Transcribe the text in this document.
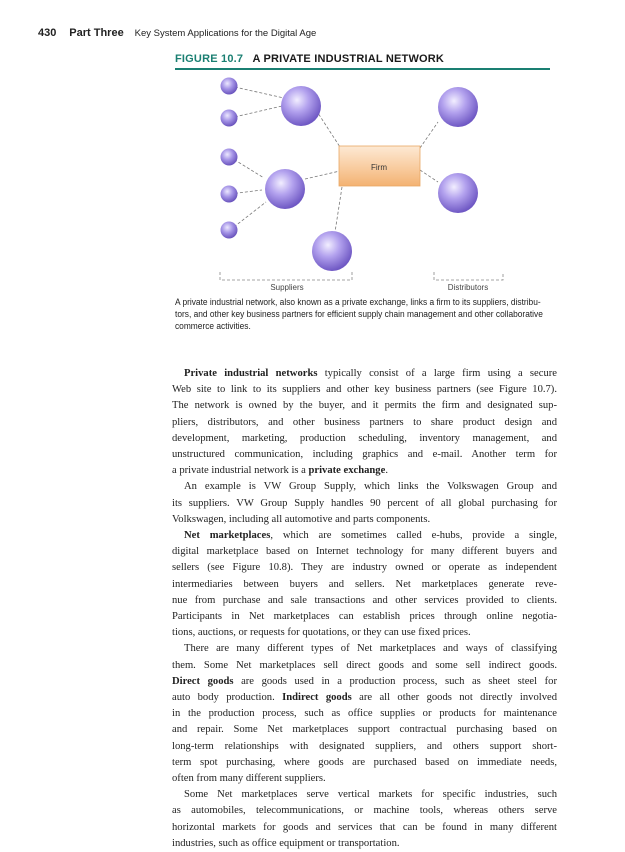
430 Part Three Key System Applications for the Digital Age
FIGURE 10.7 A PRIVATE INDUSTRIAL NETWORK
Firm
Suppliers	Distributors
A private industrial network, also known as a private exchange, links a firm to its suppliers, distribu-
tors, and other key business partners for efficient supply chain management and other collaborative
commerce activities.
Private industrial networks typically consist of a large firm using a secure
Web site to link to its suppliers and other key business partners (see Figure 10.7).
The network is owned by the buyer, and it permits the firm and designated sup-
pliers, distributors, and other business partners to share product design and
development, marketing, production scheduling, inventory management, and
unstructured communication, including graphics and e-mail. Another term for
a private industrial network is a private exchange.
An example is VW Group Supply, which links the Volkswagen Group and
its suppliers. VW Group Supply handles 90 percent of all global purchasing for
Volkswagen, including all automotive and parts components.
Net marketplaces, which are sometimes called e-hubs, provide a single,
digital marketplace based on Internet technology for many different buyers and
sellers (see Figure 10.8). They are industry owned or operate as independent
intermediaries between buyers and sellers. Net marketplaces generate reve-
nue from purchase and sale transactions and other services provided to clients.
Participants in Net marketplaces can establish prices through online negotia-
tions, auctions, or requests for quotations, or they can use fixed prices.
There are many different types of Net marketplaces and ways of classifying
them. Some Net marketplaces sell direct goods and some sell indirect goods.
Direct goods are goods used in a production process, such as sheet steel for
auto body production. Indirect goods are all other goods not directly involved
in the production process, such as office supplies or products for maintenance
and repair. Some Net marketplaces support contractual purchasing based on
long-term relationships with designated suppliers, and others support short-
term spot purchasing, where goods are purchased based on immediate needs,
often from many different suppliers.
Some Net marketplaces serve vertical markets for specific industries, such
as automobiles, telecommunications, or machine tools, whereas others serve
horizontal markets for goods and services that can be found in many different
industries, such as office equipment or transportation.
